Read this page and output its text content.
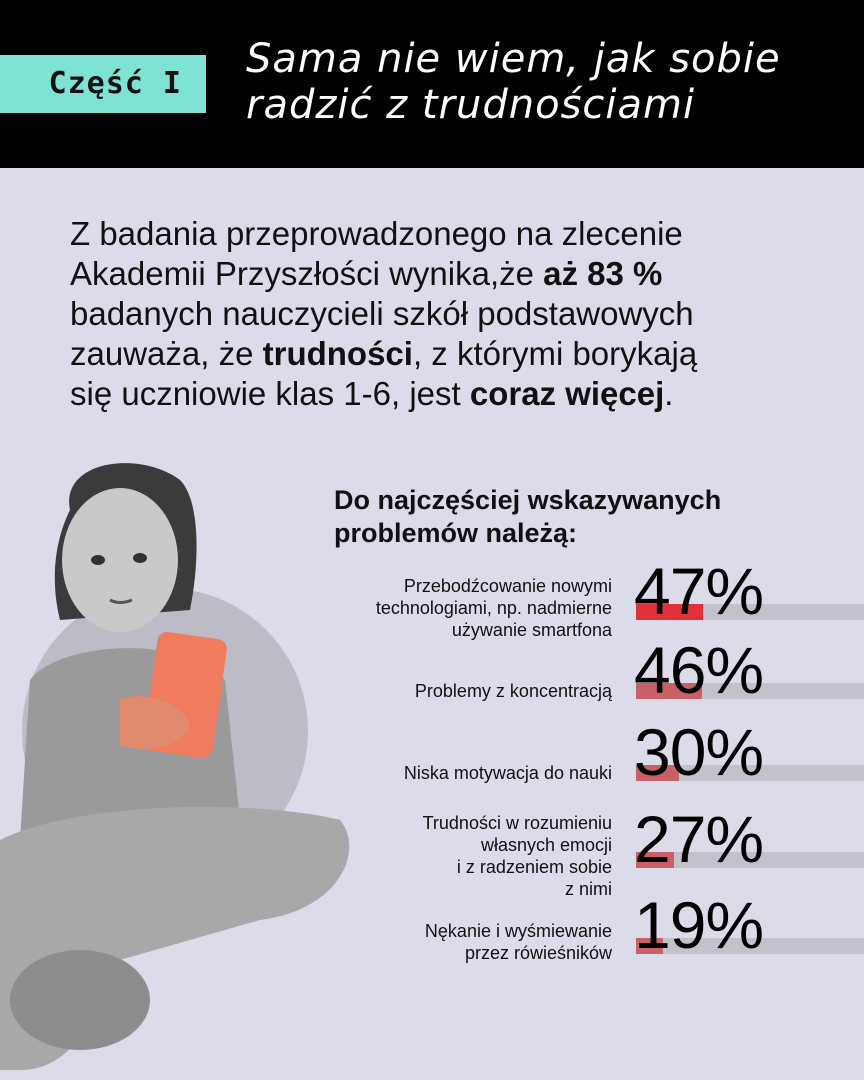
Część I
Sama nie wiem, jak sobie
radzić z trudnościami
Z badania przeprowadzonego na zlecenie
Akademii Przyszłości wynika,że aż 83 %
badanych nauczycieli szkół podstawowych
zauważa, że trudności, z którymi borykają
się uczniowie klas 1-6, jest coraz więcej.
Do najczęściej wskazywanych
problemów należą:
Przebodźcowanie nowymi
technologiami, np. nadmierne
używanie smartfona
47%
Problemy z koncentracją 46%
Niska motywacja do nauki 30%
Trudności w rozumieniu
własnych emocji
i z radzeniem sobie
z nimi
27%
Nękanie i wyśmiewanie
przez rówieśników 19%
